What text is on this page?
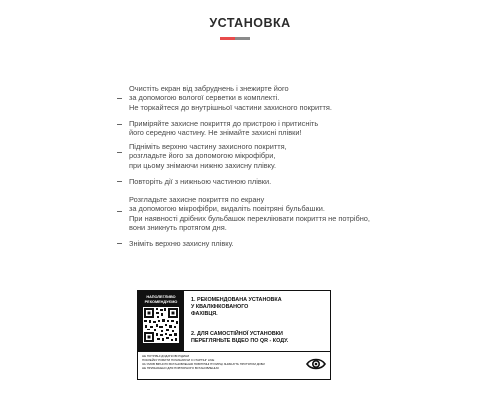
УСТАНОВКА
Очистіть екран від забруднень і знежирте його
за допомогою вологої серветки в комплекті.
Не торкайтеся до внутрішньої частини захисного покриття.
Приміряйте захисне покриття до пристрою і притисніть
його середню частину. Не знімайте захисні плівки!
Підніміть верхню частину захисного покриття,
розгладьте його за допомогою мікрофібри,
при цьому знімаючи нижню захисну плівку.
Повторіть дії з нижньою частиною плівки.
Розгладьте захисне покриття по екрану
за допомогою мікрофібри, видаліть повітряні бульбашки.
При наявності дрібних бульбашок перекліювати покриття не потрібно,
вони зникнуть протягом дня.
Зніміть верхню захисну плівку.
НАПОЛЕГЛИВО
РЕКОМЕНДУЄМО	1. РЕКОМЕНДОВАНА УСТАНОВКА
У КВАЛІФІКОВАНОГО
ФАХІВЦЯ.
2. ДЛЯ САМОСТІЙНОЇ УСТАНОВКИ
ПЕРЕГЛЯНЬТЕ ВІДЕО ПО QR - КОДУ.
НЕ ПОТРІБНІ ДОДАТКОВІ РІДИНИ
ПОКЛЕЙКУ РОБИТИ ПОЧИНАЮЧИ З СТАРТІНГ LINE
ЗА УМОВ ВІРНОГО ВСТАНОВЛЕННЯ ПОВІТРЯНІ ПУХИРЦІ ЗНИКНУТЬ ПРОТЯГОМ ДОБИ
НЕ ПРИЗНАЧЕНО ДЛЯ ПОВТОРНОГО ВСТАНОВЛЕННЯ
